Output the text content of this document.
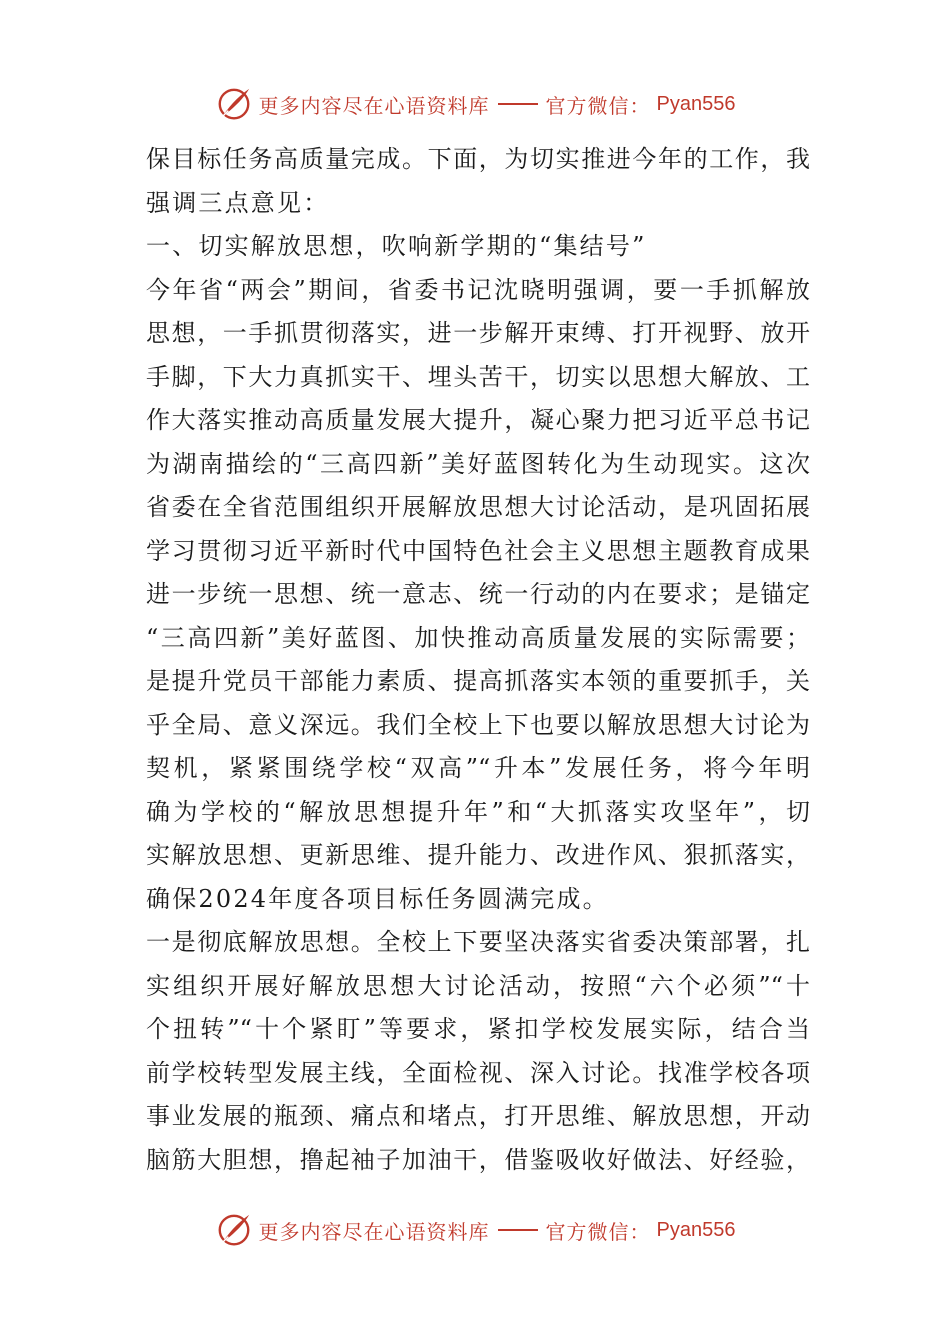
更多内容尽在心语资料库	官方微信： Pyan556
保目标任务高质量完成。下面，为切实推进今年的工作，我
强调三点意见：
一、切实解放思想，吹响新学期的“集结号”
今年省“两会”期间，省委书记沈晓明强调，要一手抓解放
思想，一手抓贯彻落实，进一步解开束缚、打开视野、放开
手脚，下大力真抓实干、埋头苦干，切实以思想大解放、工
作大落实推动高质量发展大提升，凝心聚力把习近平总书记
为湖南描绘的“三高四新”美好蓝图转化为生动现实。这次
省委在全省范围组织开展解放思想大讨论活动，是巩固拓展
学习贯彻习近平新时代中国特色社会主义思想主题教育成果
进一步统一思想、统一意志、统一行动的内在要求；是锚定
“三高四新”美好蓝图、加快推动高质量发展的实际需要；
是提升党员干部能力素质、提高抓落实本领的重要抓手，关
乎全局、意义深远。我们全校上下也要以解放思想大讨论为
契机，紧紧围绕学校“双高”“升本”发展任务，将今年明
确为学校的“解放思想提升年”和“大抓落实攻坚年”，切
实解放思想、更新思维、提升能力、改进作风、狠抓落实，
确保2024年度各项目标任务圆满完成。
一是彻底解放思想。全校上下要坚决落实省委决策部署，扎
实组织开展好解放思想大讨论活动，按照“六个必须”“十
个扭转”“十个紧盯”等要求，紧扣学校发展实际，结合当
前学校转型发展主线，全面检视、深入讨论。找准学校各项
事业发展的瓶颈、痛点和堵点，打开思维、解放思想，开动
脑筋大胆想，撸起袖子加油干，借鉴吸收好做法、好经验，
更多内容尽在心语资料库	官方微信： Pyan556
